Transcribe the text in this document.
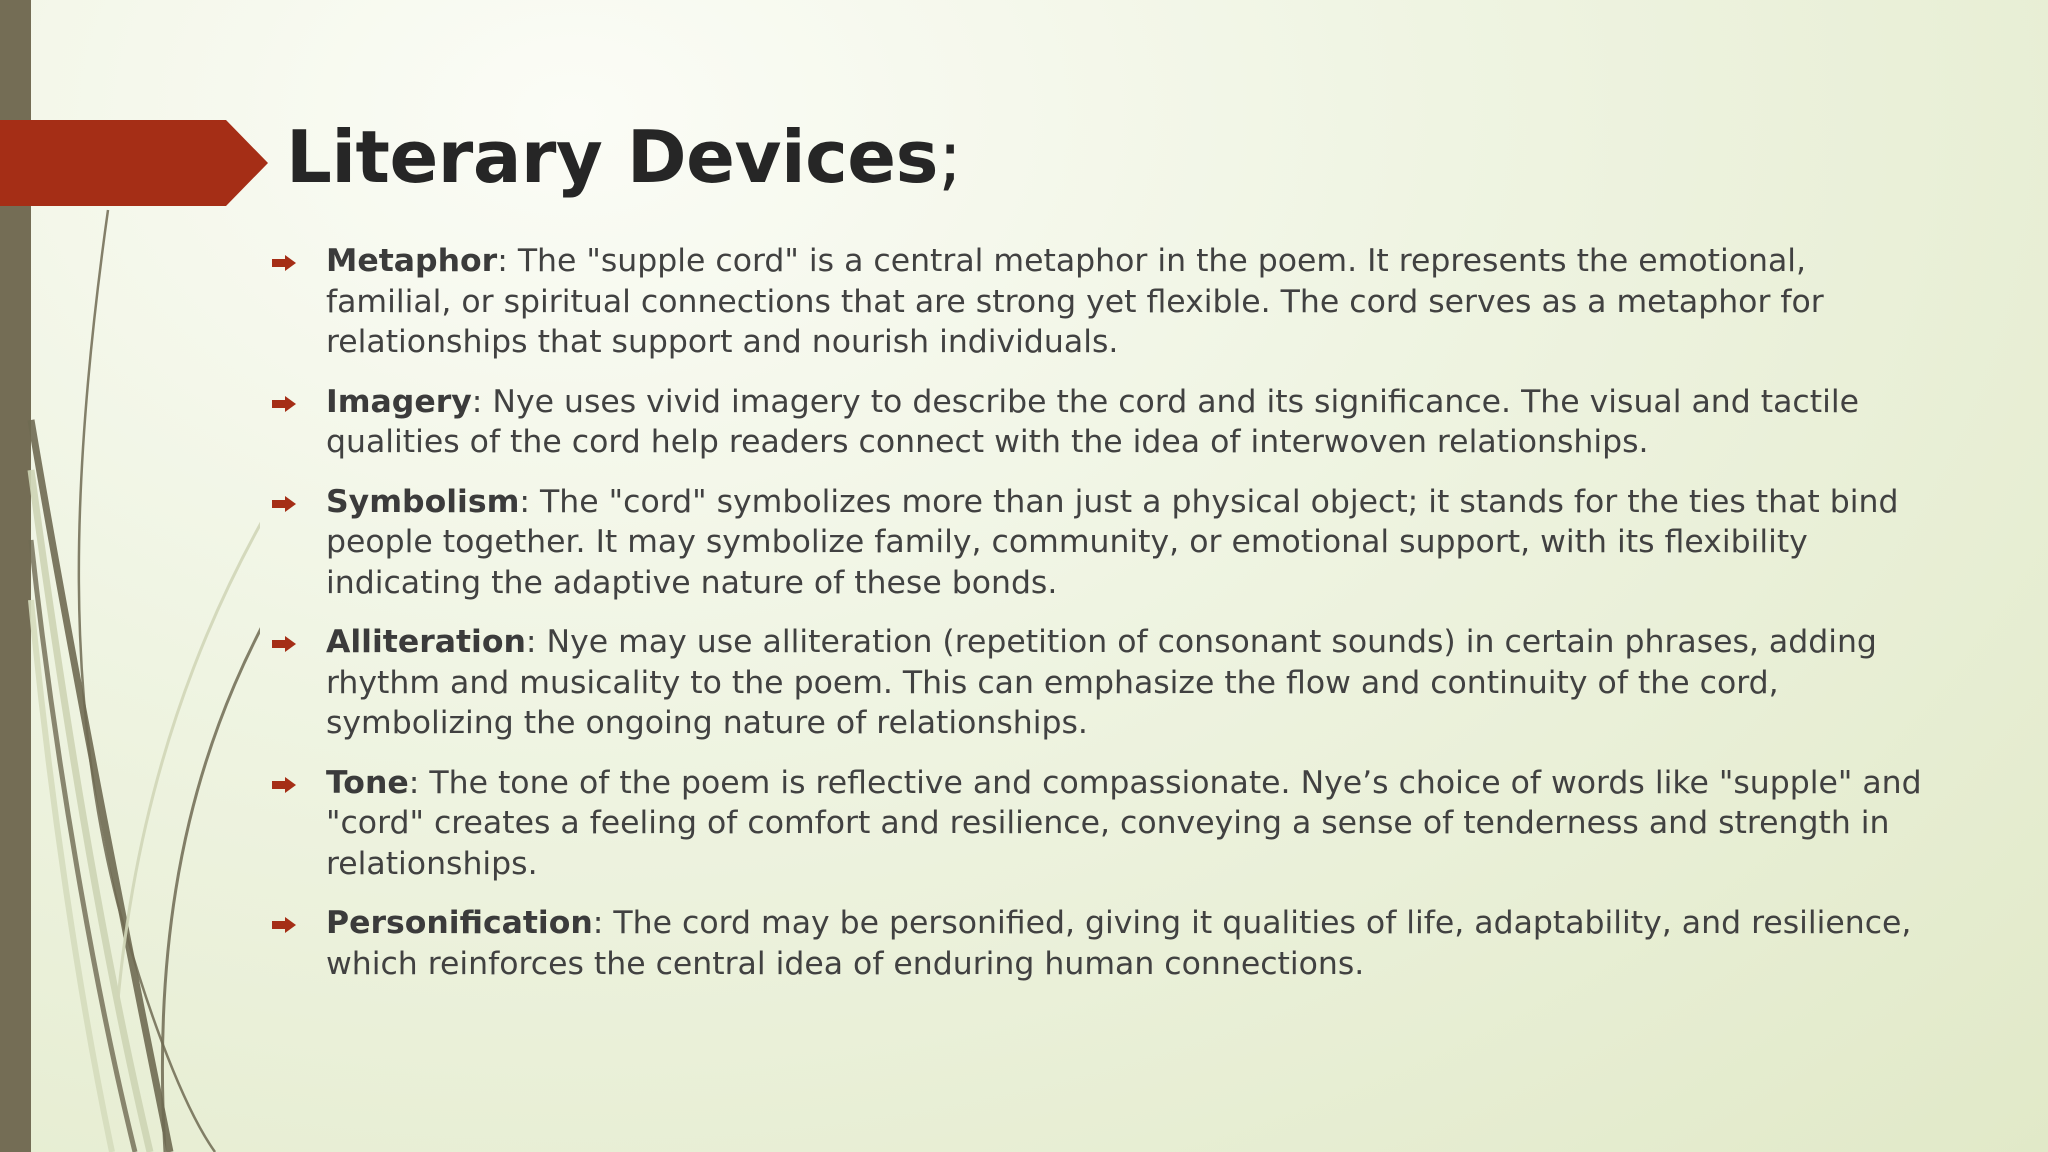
Literary Devices;
Metaphor: The "supple cord" is a central metaphor in the poem. It represents the emotional, familial, or spiritual connections that are strong yet flexible. The cord serves as a metaphor for relationships that support and nourish individuals.
Imagery: Nye uses vivid imagery to describe the cord and its significance. The visual and tactile qualities of the cord help readers connect with the idea of interwoven relationships.
Symbolism: The "cord" symbolizes more than just a physical object; it stands for the ties that bind people together. It may symbolize family, community, or emotional support, with its flexibility indicating the adaptive nature of these bonds.
Alliteration: Nye may use alliteration (repetition of consonant sounds) in certain phrases, adding rhythm and musicality to the poem. This can emphasize the flow and continuity of the cord, symbolizing the ongoing nature of relationships.
Tone: The tone of the poem is reflective and compassionate. Nye’s choice of words like "supple" and "cord" creates a feeling of comfort and resilience, conveying a sense of tenderness and strength in relationships.
Personification: The cord may be personified, giving it qualities of life, adaptability, and resilience, which reinforces the central idea of enduring human connections.
